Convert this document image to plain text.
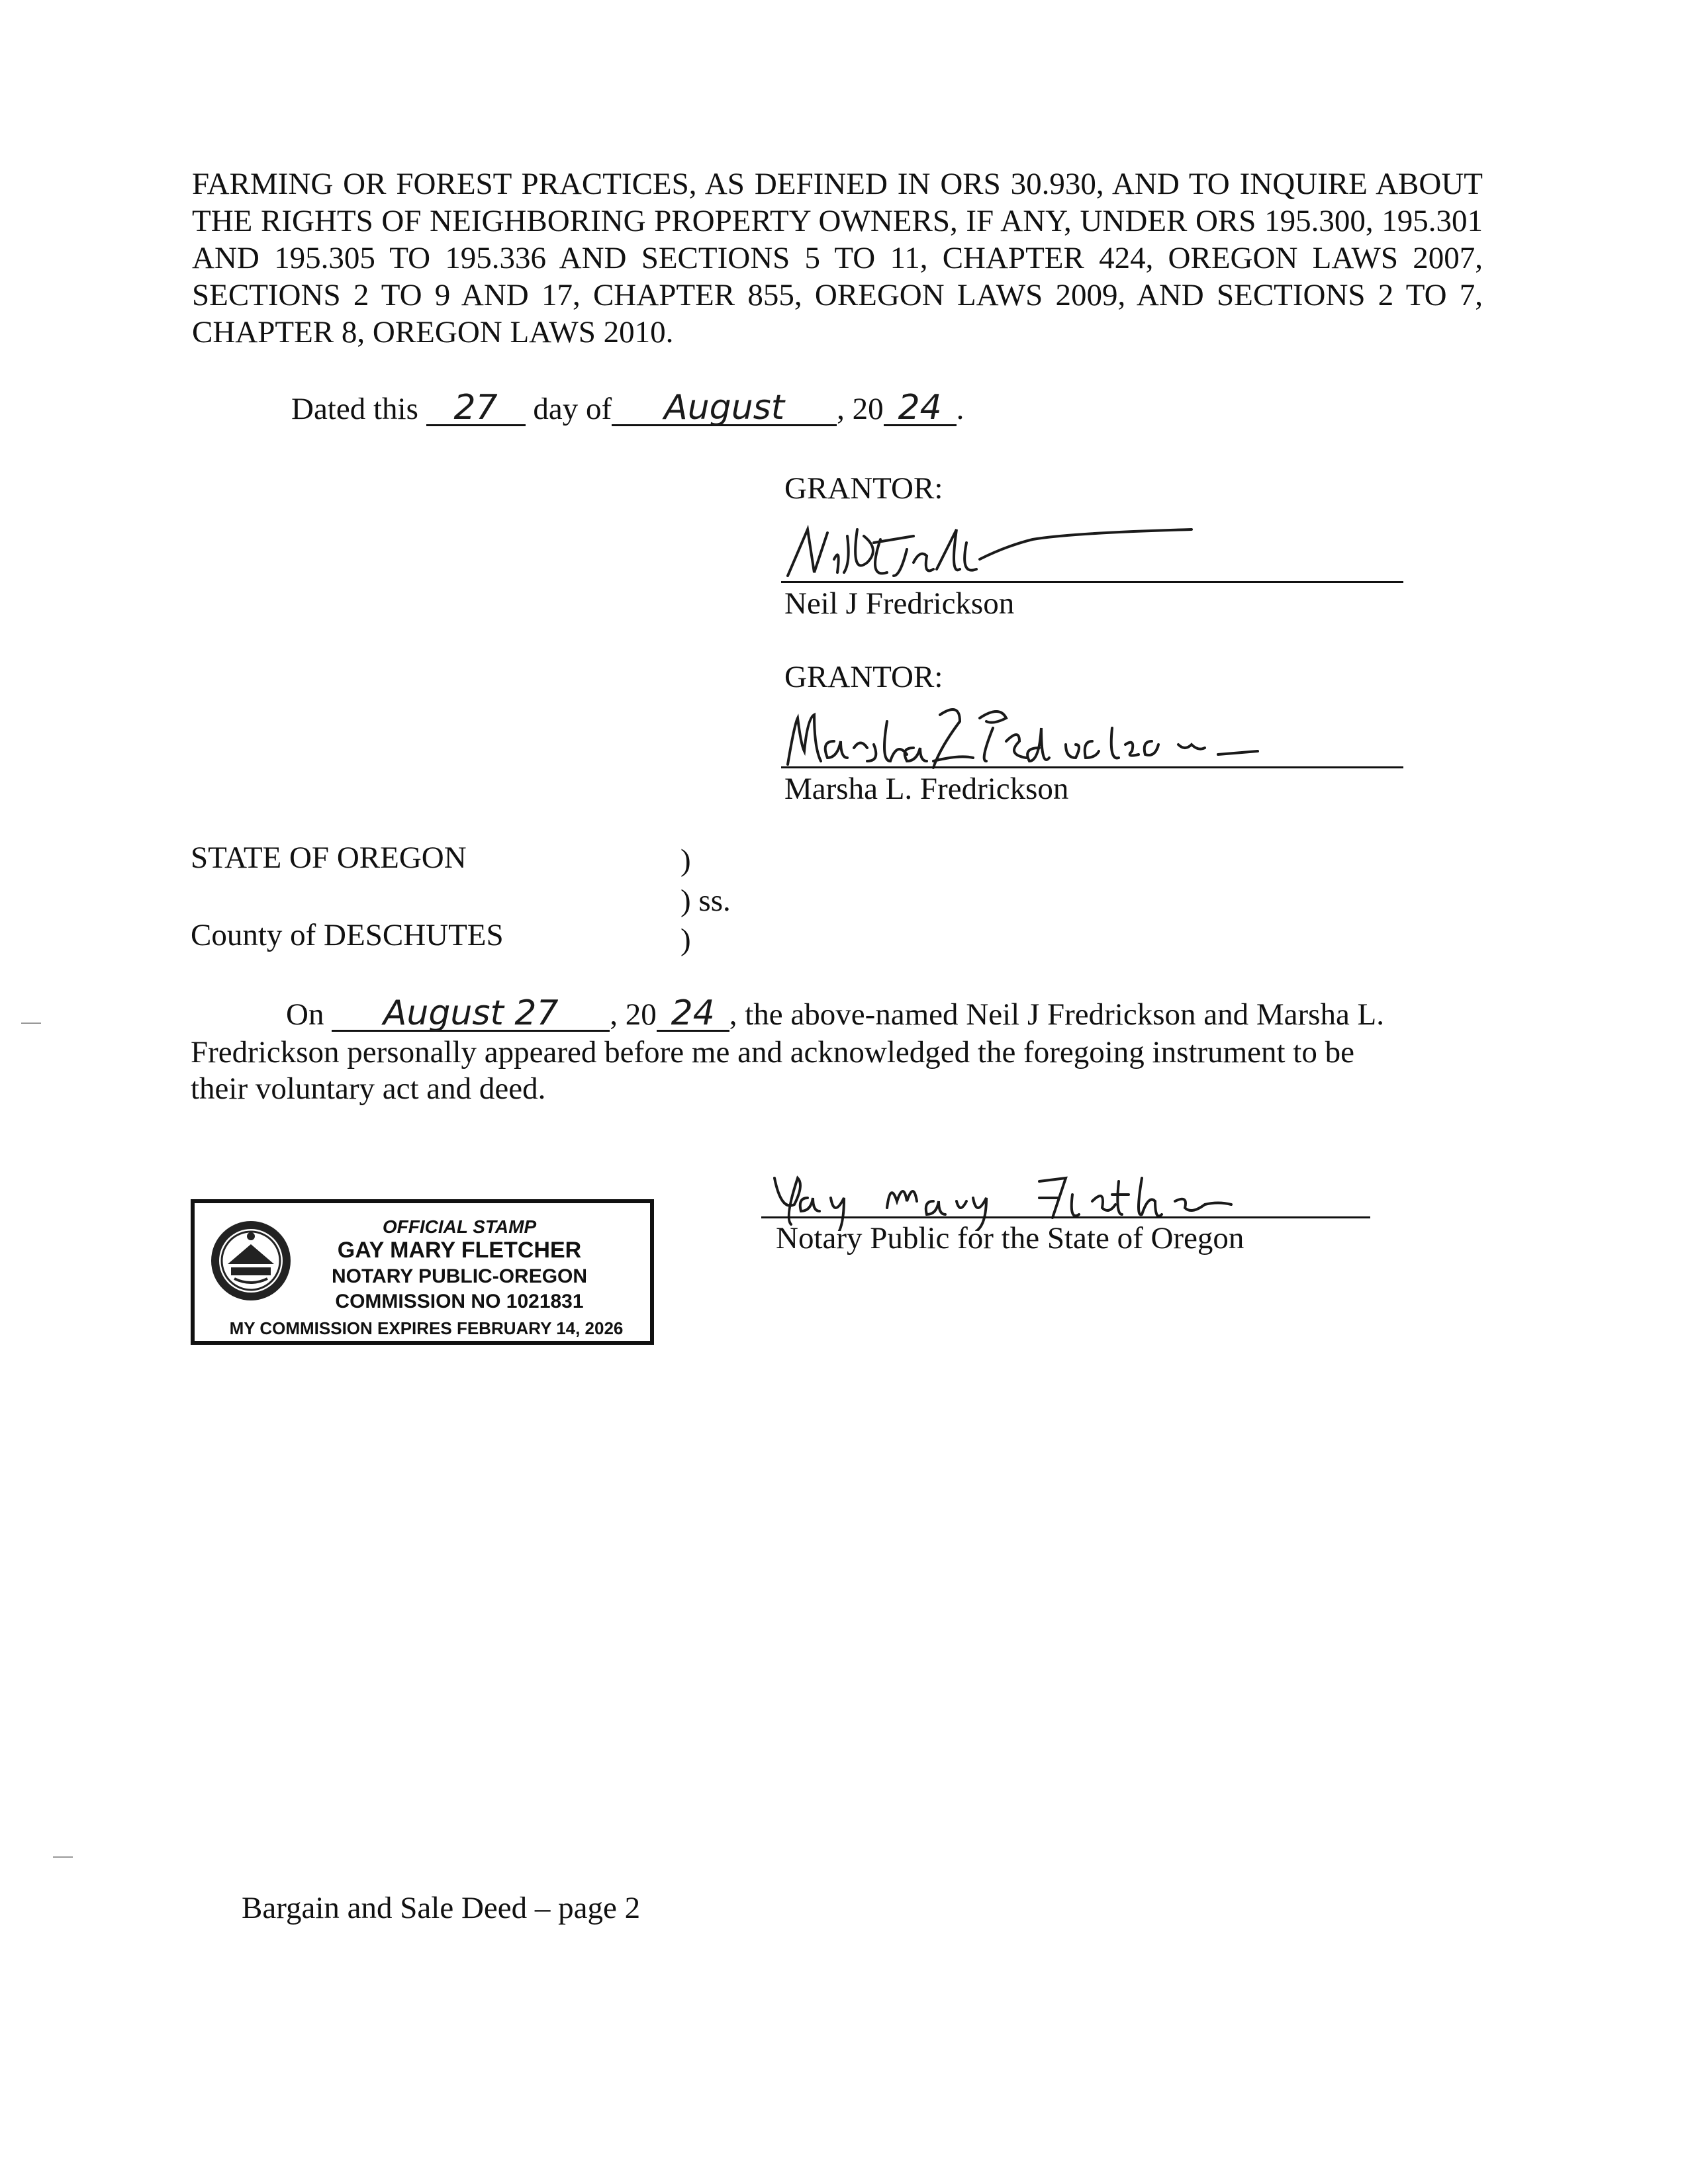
FARMING OR FOREST PRACTICES, AS DEFINED IN ORS 30.930, AND TO INQUIRE ABOUT THE RIGHTS OF NEIGHBORING PROPERTY OWNERS, IF ANY, UNDER ORS 195.300, 195.301 AND 195.305 TO 195.336 AND SECTIONS 5 TO 11, CHAPTER 424, OREGON LAWS 2007, SECTIONS 2 TO 9 AND 17, CHAPTER 855, OREGON LAWS 2009, AND SECTIONS 2 TO 7, CHAPTER 8, OREGON LAWS 2010.
Dated this 27 day of August , 20 24 .
GRANTOR:
Neil J Fredrickson
GRANTOR:
Marsha L. Fredrickson
STATE OF OREGON	)
) ss.
County of DESCHUTES	)
On August 27 , 20 24 , the above-named Neil J Fredrickson and Marsha L.
Fredrickson personally appeared before me and acknowledged the foregoing instrument to be
their voluntary act and deed.
OFFICIAL STAMP
GAY MARY FLETCHER
NOTARY PUBLIC-OREGON
COMMISSION NO 1021831
MY COMMISSION EXPIRES FEBRUARY 14, 2026
Notary Public for the State of Oregon
Bargain and Sale Deed – page 2
